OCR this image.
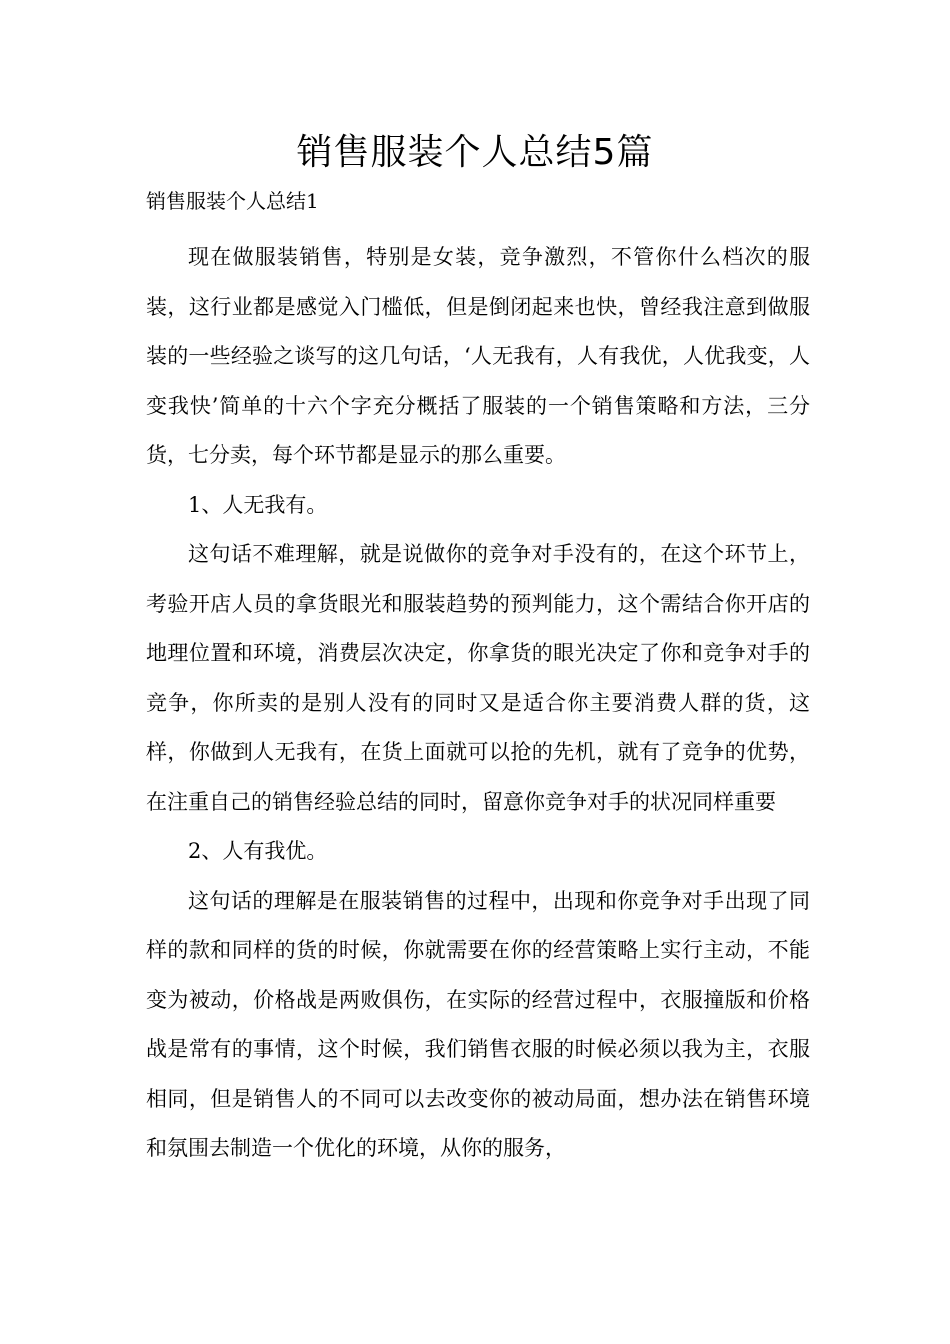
销售服装个人总结5篇
销售服装个人总结1

现在做服装销售，特别是女装，竞争激烈，不管你什么档次的服装，这行业都是感觉入门槛低，但是倒闭起来也快，曾经我注意到做服装的一些经验之谈写的这几句话，‘人无我有，人有我优，人优我变，人变我快’简单的十六个字充分概括了服装的一个销售策略和方法，三分货，七分卖，每个环节都是显示的那么重要。

1、人无我有。

这句话不难理解，就是说做你的竞争对手没有的，在这个环节上，考验开店人员的拿货眼光和服装趋势的预判能力，这个需结合你开店的地理位置和环境，消费层次决定，你拿货的眼光决定了你和竞争对手的竞争，你所卖的是别人没有的同时又是适合你主要消费人群的货，这样，你做到人无我有，在货上面就可以抢的先机，就有了竞争的优势，在注重自己的销售经验总结的同时，留意你竞争对手的状况同样重要

2、人有我优。

这句话的理解是在服装销售的过程中，出现和你竞争对手出现了同样的款和同样的货的时候，你就需要在你的经营策略上实行主动，不能变为被动，价格战是两败俱伤，在实际的经营过程中，衣服撞版和价格战是常有的事情，这个时候，我们销售衣服的时候必须以我为主，衣服相同，但是销售人的不同可以去改变你的被动局面，想办法在销售环境和氛围去制造一个优化的环境，从你的服务，
